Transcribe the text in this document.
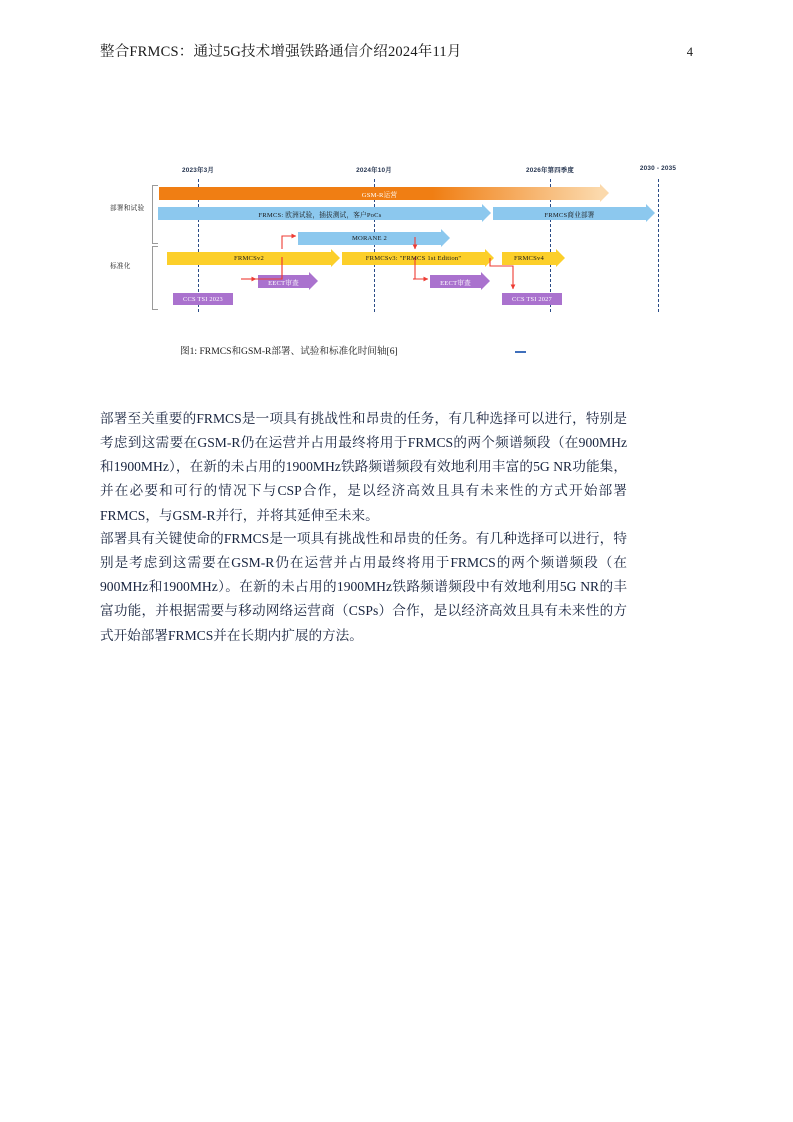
整合FRMCS：通过5G技术增强铁路通信介绍2024年11月	4
部署和试验
标准化
2023年3月	2024年10月	2026年第四季度	2030 - 2035
GSM-R运营
FRMCS: 欧洲试验，插拔测试，客户PoCs	FRMCS商业部署
MORANE 2
FRMCSv2	FRMCSv3: "FRMCS 1st Edition"	FRMCSv4
EECT审查	EECT审查
CCS TSI 2023	CCS TSI 2027
图1: FRMCS和GSM-R部署、试验和标准化时间轴[6]

部署至关重要的FRMCS是一项具有挑战性和昂贵的任务，有几种选择可以进行，特别是考虑到这需要在GSM-R仍在运营并占用最终将用于FRMCS的两个频谱频段（在900MHz和1900MHz），在新的未占用的1900MHz铁路频谱频段有效地利用丰富的5G NR功能集，并在必要和可行的情况下与CSP合作，是以经济高效且具有未来性的方式开始部署FRMCS，与GSM-R并行，并将其延伸至未来。

部署具有关键使命的FRMCS是一项具有挑战性和昂贵的任务。有几种选择可以进行，特别是考虑到这需要在GSM-R仍在运营并占用最终将用于FRMCS的两个频谱频段（在900MHz和1900MHz）。在新的未占用的1900MHz铁路频谱频段中有效地利用5G NR的丰富功能，并根据需要与移动网络运营商（CSPs）合作，是以经济高效且具有未来性的方式开始部署FRMCS并在长期内扩展的方法。
